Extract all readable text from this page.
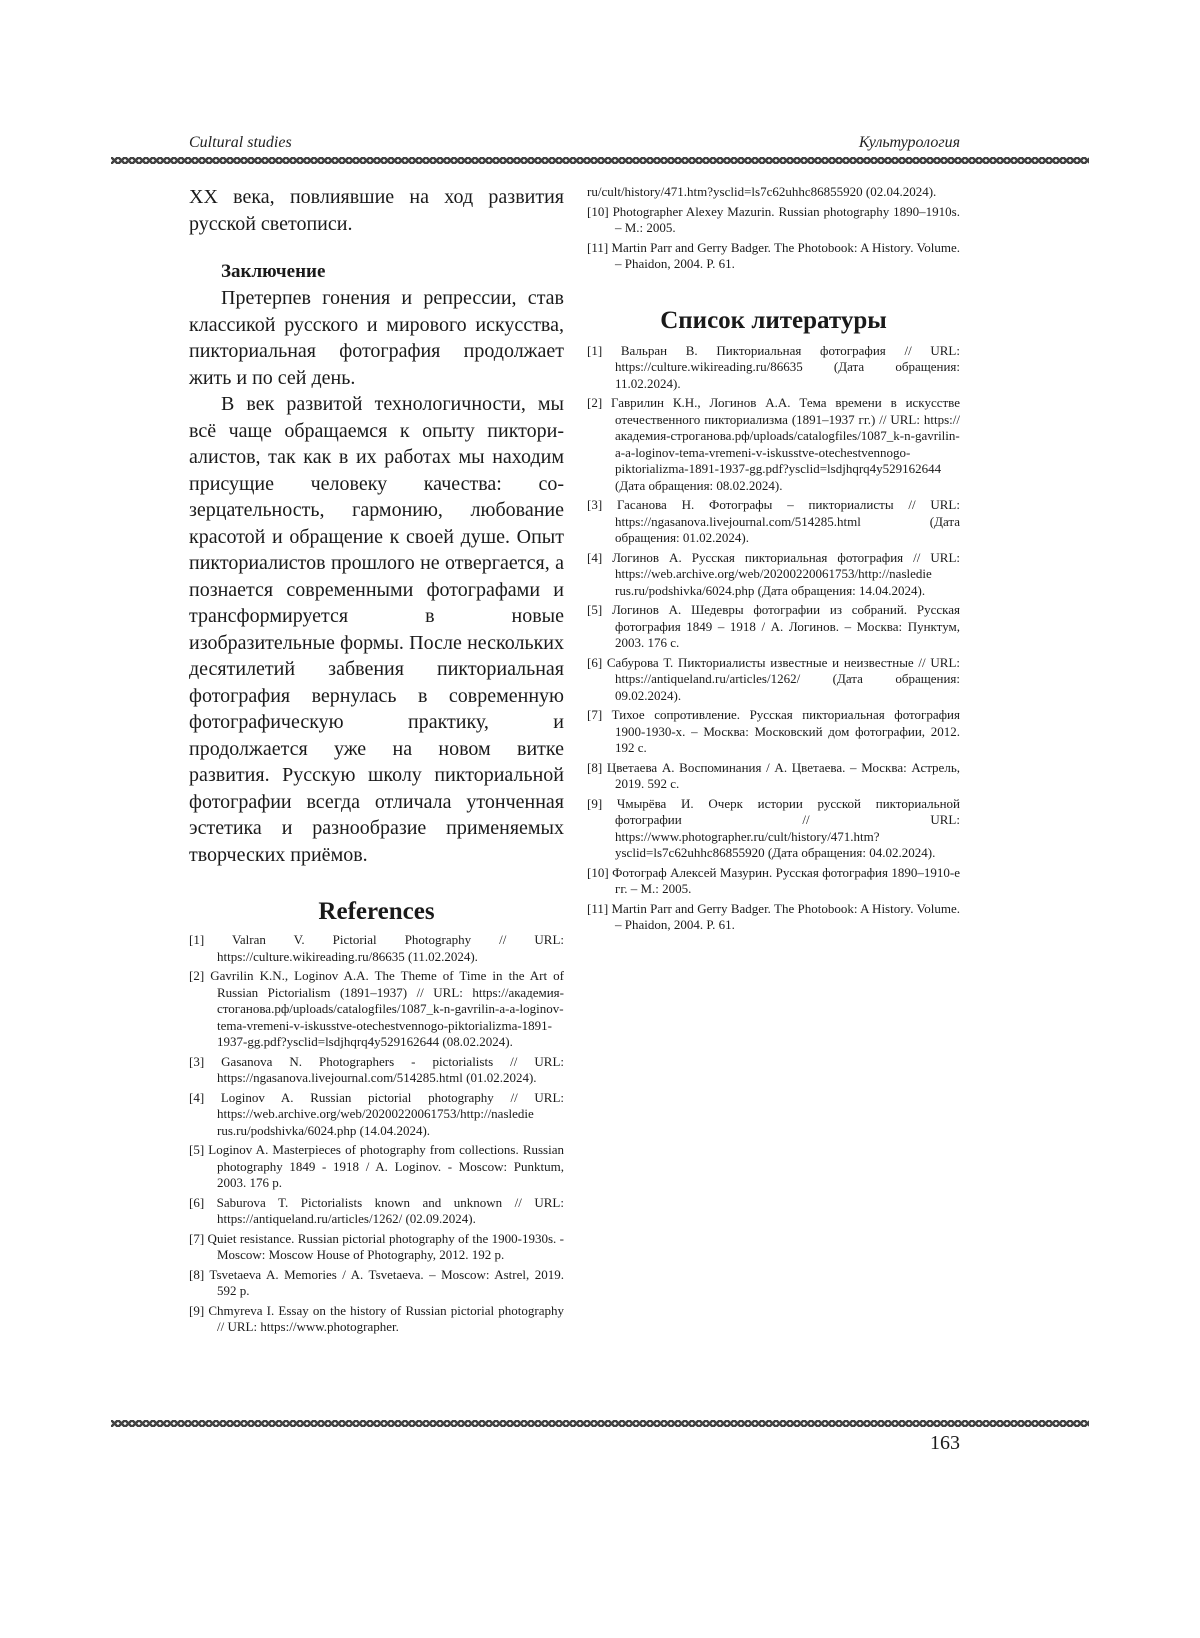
Cultural studies	Культурология

XX века, повлиявшие на ход развития русской светописи.

Заключение

Претерпев гонения и репрессии, став классикой русского и мирового искусства, пикториальная фотография продолжает жить и по сей день.

В век развитой технологичности, мы всё чаще обращаемся к опыту пикториалистов, так как в их работах мы находим присущие человеку качества: созерцательность, гармонию, любование красотой и обращение к своей душе. Опыт пикториалистов прошлого не отвергается, а познается современными фотографами и трансформируется в новые изобразительные формы. После нескольких десятилетий забвения пикториальная фотография вернулась в современную фотографическую практику, и продолжается уже на новом витке развития. Русскую школу пикториальной фотографии всегда отличала утонченная эстетика и разнообразие применяемых творческих приёмов.

References
[1] Valran V. Pictorial Photography // URL: https://culture.wikireading.ru/86635 (11.02.2024).
[2] Gavrilin K.N., Loginov A.A. The Theme of Time in the Art of Russian Pictorialism (1891–1937) // URL: https://академия-стоганова.рф/uploads/catalogfiles/1087_k-n-gavrilin-a-a-loginov-tema-vremeni-v-iskusstve-otechestvennogo-piktorializma-1891-1937-gg.pdf?ysclid=lsdjhqrq4y529162644 (08.02.2024).
[3] Gasanova N. Photographers - pictorialists // URL: https://ngasanova.livejournal.com/514285.html (01.02.2024).
[4] Loginov A. Russian pictorial photography // URL: https://web.archive.org/web/20200220061753/http://nasledie rus.ru/podshivka/6024.php (14.04.2024).
[5] Loginov A. Masterpieces of photography from collections. Russian photography 1849 - 1918 / A. Loginov. - Moscow: Punktum, 2003. 176 p.
[6] Saburova T. Pictorialists known and unknown // URL: https://antiqueland.ru/articles/1262/ (02.09.2024).
[7] Quiet resistance. Russian pictorial photography of the 1900-1930s. - Moscow: Moscow House of Photography, 2012. 192 p.
[8] Tsvetaeva A. Memories / A. Tsvetaeva. – Moscow: Astrel, 2019. 592 p.
[9] Chmyreva I. Essay on the history of Russian pictorial photography // URL: https://www.photographer.
ru/cult/history/471.htm?ysclid=ls7c62uhhc86855920 (02.04.2024).
[10] Photographer Alexey Mazurin. Russian photography 1890–1910s. – M.: 2005.
[11] Martin Parr and Gerry Badger. The Photobook: A History. Volume. – Phaidon, 2004. P. 61.
Список литературы
[1] Вальран В. Пикториальная фотография // URL: https://culture.wikireading.ru/86635 (Дата обращения: 11.02.2024).
[2] Гаврилин К.Н., Логинов А.А. Тема времени в искусстве отечественного пикториализма (1891–1937 гг.) // URL: https://академия-строганова.рф/uploads/catalogfiles/1087_k-n-gavrilin-a-a-loginov-tema-vremeni-v-iskusstve-otechestvennogo-piktorializma-1891-1937-gg.pdf?ysclid=lsdjhqrq4y529162644 (Дата обращения: 08.02.2024).
[3] Гасанова Н. Фотографы – пикториалисты // URL: https://ngasanova.livejournal.com/514285.html (Дата обращения: 01.02.2024).
[4] Логинов А. Русская пикториальная фотография // URL: https://web.archive.org/web/20200220061753/http://nasledie rus.ru/podshivka/6024.php (Дата обращения: 14.04.2024).
[5] Логинов А. Шедевры фотографии из собраний. Русская фотография 1849 – 1918 / А. Логинов. – Москва: Пунктум, 2003. 176 с.
[6] Сабурова Т. Пикториалисты известные и неизвестные // URL: https://antiqueland.ru/articles/1262/ (Дата обращения: 09.02.2024).
[7] Тихое сопротивление. Русская пикториальная фотография 1900-1930-х. – Москва: Московский дом фотографии, 2012. 192 с.
[8] Цветаева А. Воспоминания / А. Цветаева. – Москва: Астрель, 2019. 592 с.
[9] Чмырёва И. Очерк истории русской пикториальной фотографии // URL: https://www.photographer.ru/cult/history/471.htm?ysclid=ls7c62uhhc86855920 (Дата обращения: 04.02.2024).
[10] Фотограф Алексей Мазурин. Русская фотография 1890–1910-е гг. – М.: 2005.
[11] Martin Parr and Gerry Badger. The Photobook: A History. Volume. – Phaidon, 2004. P. 61.
163
